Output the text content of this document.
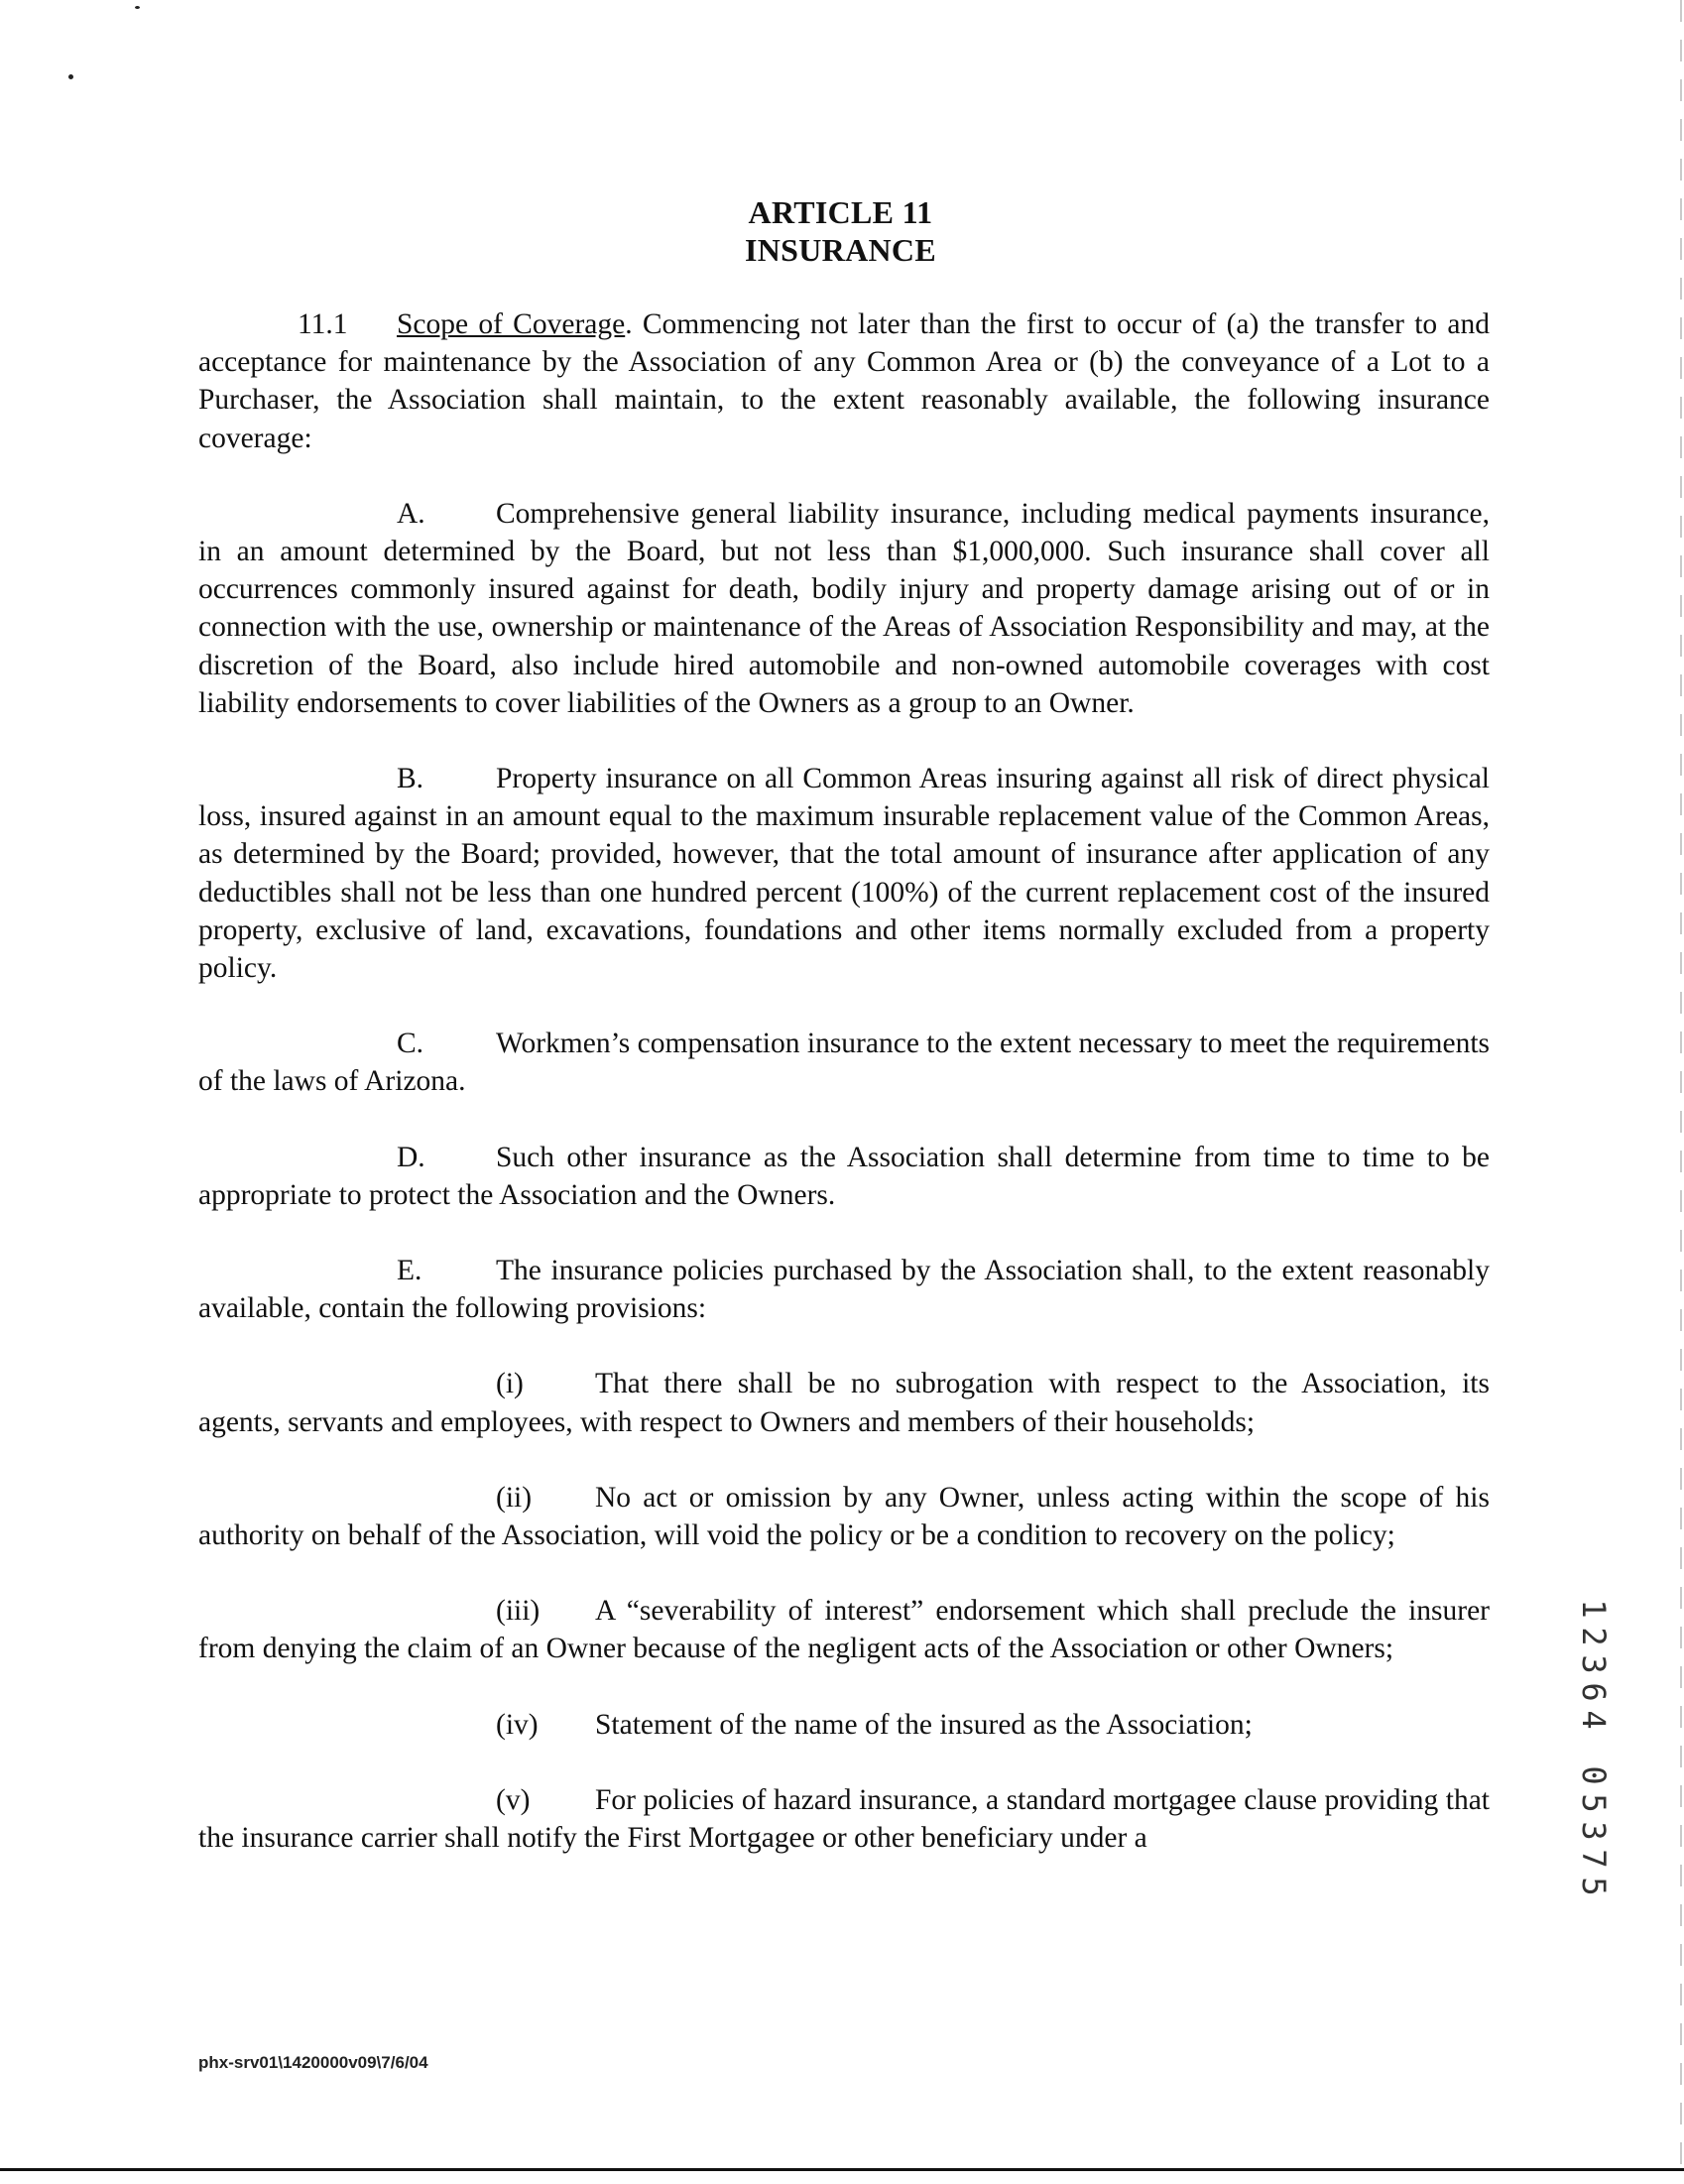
ARTICLE 11
INSURANCE

11.1 Scope of Coverage. Commencing not later than the first to occur of (a) the transfer to and acceptance for maintenance by the Association of any Common Area or (b) the conveyance of a Lot to a Purchaser, the Association shall maintain, to the extent reasonably available, the following insurance coverage:

A. Comprehensive general liability insurance, including medical payments insurance, in an amount determined by the Board, but not less than $1,000,000. Such insurance shall cover all occurrences commonly insured against for death, bodily injury and property damage arising out of or in connection with the use, ownership or maintenance of the Areas of Association Responsibility and may, at the discretion of the Board, also include hired automobile and non-owned automobile coverages with cost liability endorsements to cover liabilities of the Owners as a group to an Owner.

B. Property insurance on all Common Areas insuring against all risk of direct physical loss, insured against in an amount equal to the maximum insurable replacement value of the Common Areas, as determined by the Board; provided, however, that the total amount of insurance after application of any deductibles shall not be less than one hundred percent (100%) of the current replacement cost of the insured property, exclusive of land, excavations, foundations and other items normally excluded from a property policy.

C. Workmen’s compensation insurance to the extent necessary to meet the requirements of the laws of Arizona.

D. Such other insurance as the Association shall determine from time to time to be appropriate to protect the Association and the Owners.

E.	The insurance policies purchased by the Association shall, to the extent reasonably available, contain the following provisions:

(i) That there shall be no subrogation with respect to the Association, its agents, servants and employees, with respect to Owners and members of their households;

(ii) No act or omission by any Owner, unless acting within the scope of his authority on behalf of the Association, will void the policy or be a condition to recovery on the policy;

(iii) A “severability of interest” endorsement which shall preclude the insurer from denying the claim of an Owner because of the negligent acts of the Association or other Owners;

(iv) Statement of the name of the insured as the Association;

(v) For policies of hazard insurance, a standard mortgagee clause providing that the insurance carrier shall notify the First Mortgagee or other beneficiary under a

1
2
3
6
4
0
5
3
7
5
phx-srv01\1420000v09\7/6/04
